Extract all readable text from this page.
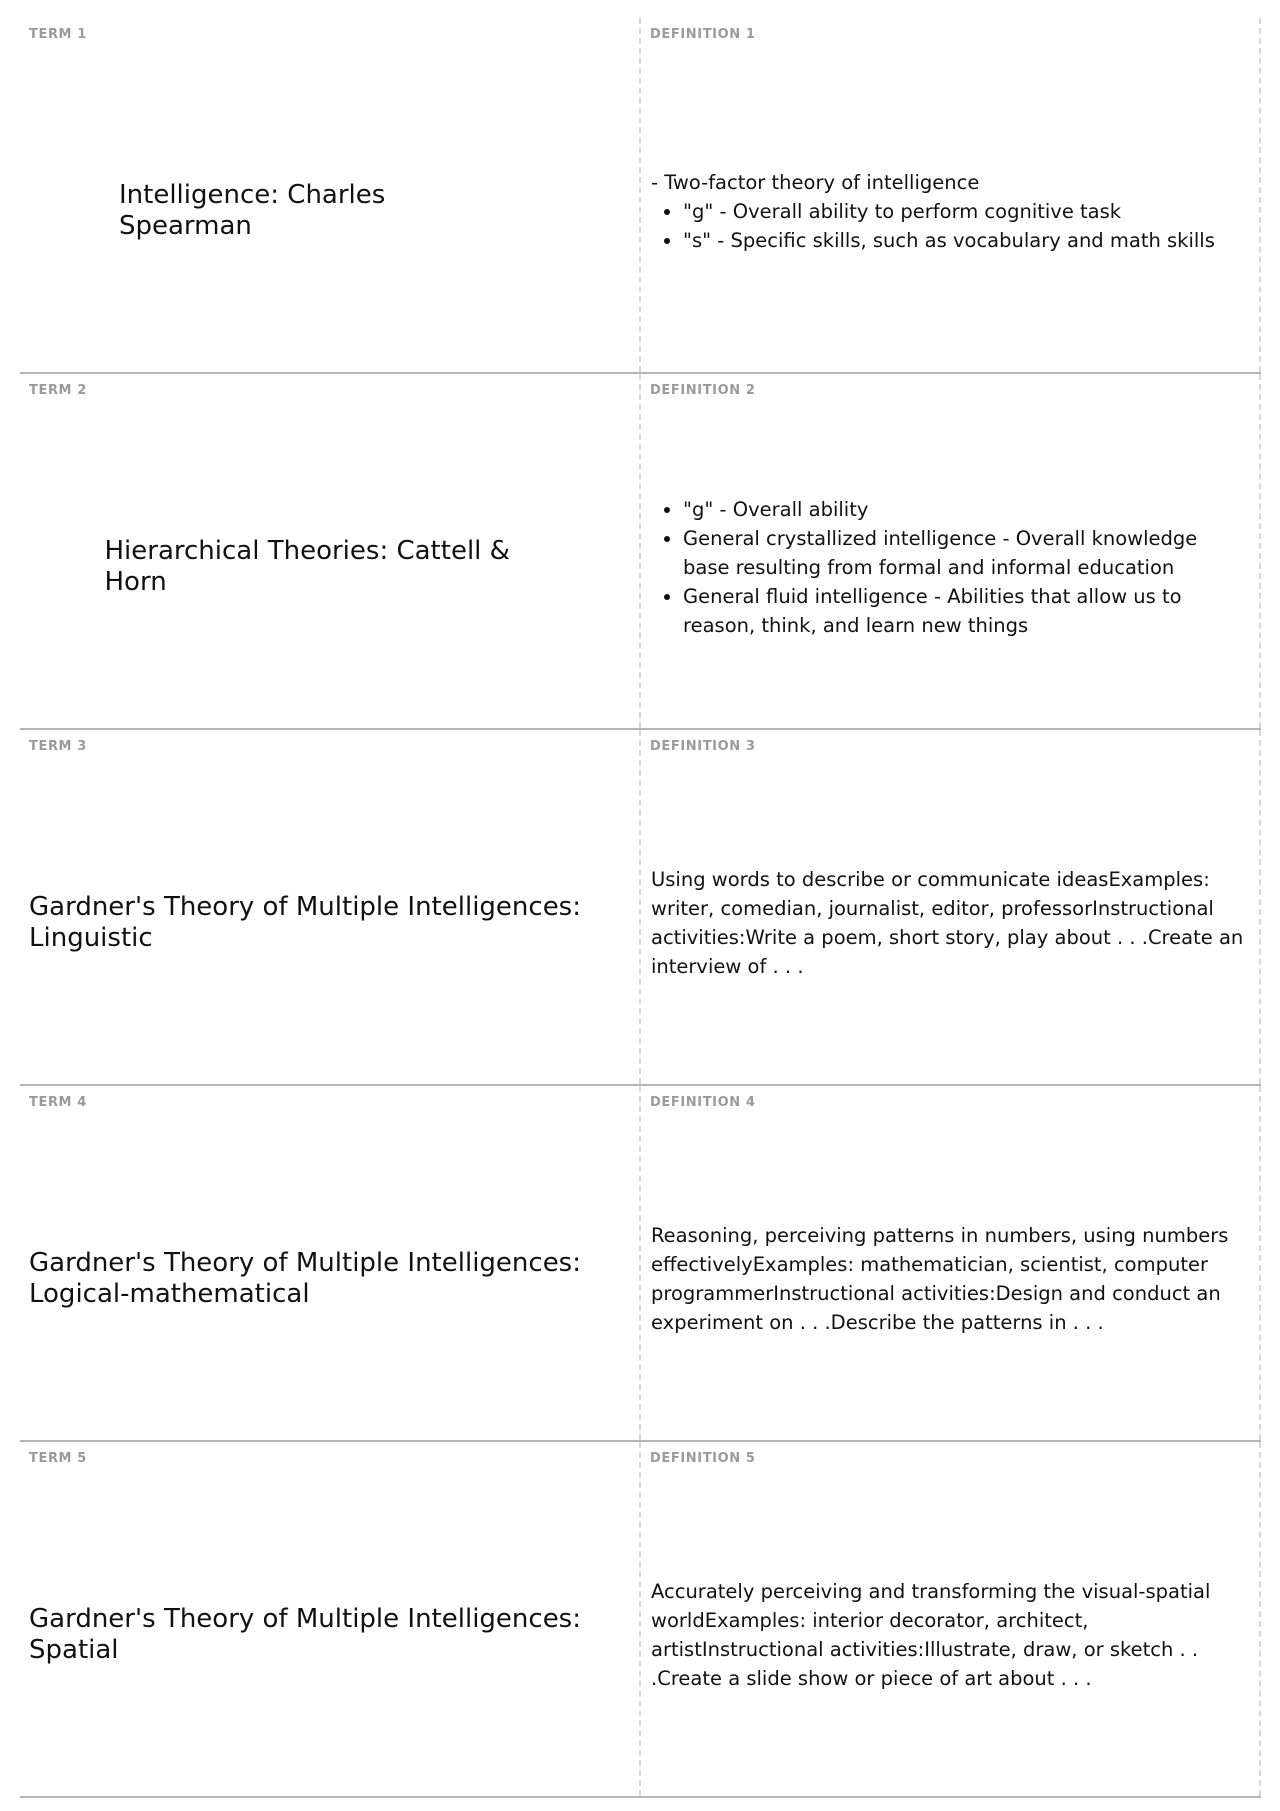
TERM 1
Intelligence: Charles Spearman
DEFINITION 1

- Two-factor theory of intelligence

• "g" - Overall ability to perform cognitive task
• "s" - Specific skills, such as vocabulary and math skills
TERM 2
Hierarchical Theories: Cattell & Horn
DEFINITION 2
• "g" - Overall ability
• General crystallized intelligence - Overall knowledge base resulting from formal and informal education
• General fluid intelligence - Abilities that allow us to reason, think, and learn new things
TERM 3
Gardner's Theory of Multiple Intelligences: Linguistic
DEFINITION 3

Using words to describe or communicate ideasExamples: writer, comedian, journalist, editor, professorInstructional activities:Write a poem, short story, play about . . .Create an interview of . . .

TERM 4
Gardner's Theory of Multiple Intelligences: Logical-mathematical
DEFINITION 4

Reasoning, perceiving patterns in numbers, using numbers effectivelyExamples: mathematician, scientist, computer programmerInstructional activities:Design and conduct an experiment on . . .Describe the patterns in . . .

TERM 5
Gardner's Theory of Multiple Intelligences: Spatial
DEFINITION 5

Accurately perceiving and transforming the visual-spatial worldExamples: interior decorator, architect, artistInstructional activities:Illustrate, draw, or sketch . . .Create a slide show or piece of art about . . .
